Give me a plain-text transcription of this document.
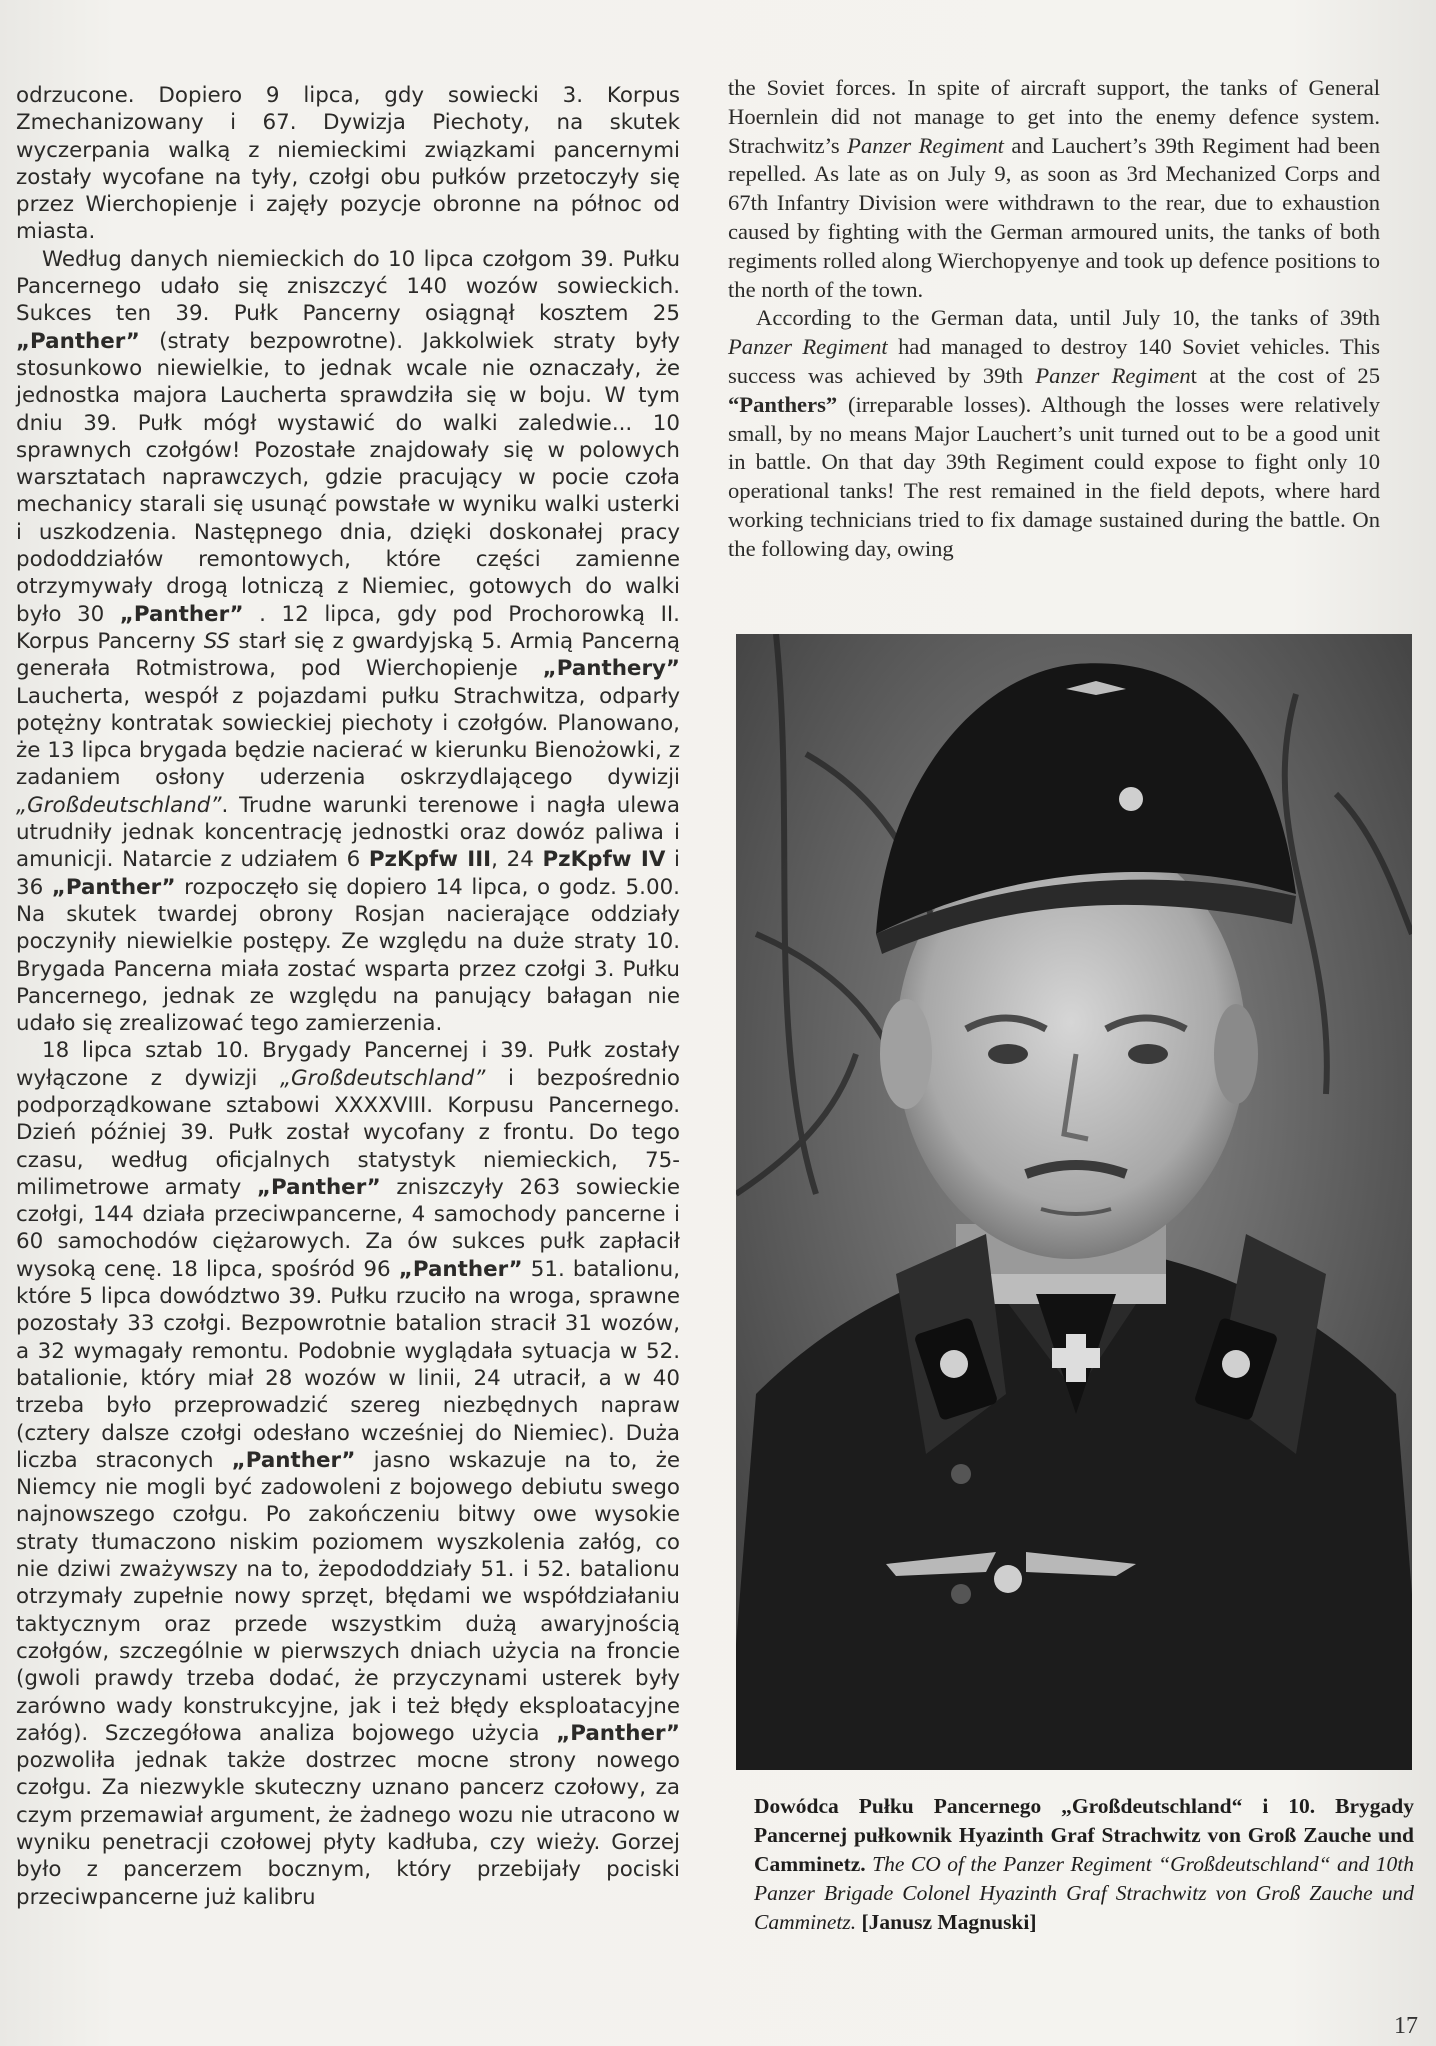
odrzucone. Dopiero 9 lipca, gdy sowiecki 3. Korpus Zmechanizowany i 67. Dywizja Piechoty, na skutek wyczerpania walką z niemieckimi związkami pancernymi zostały wycofane na tyły, czołgi obu pułków przetoczyły się przez Wierchopienje i zajęły pozycje obronne na północ od miasta.

Według danych niemieckich do 10 lipca czołgom 39. Pułku Pancernego udało się zniszczyć 140 wozów sowieckich. Sukces ten 39. Pułk Pancerny osiągnął kosztem 25 „Panther” (straty bezpowrotne). Jakkolwiek straty były stosunkowo niewielkie, to jednak wcale nie oznaczały, że jednostka majora Laucherta sprawdziła się w boju. W tym dniu 39. Pułk mógł wystawić do walki zaledwie... 10 sprawnych czołgów! Pozostałe znajdowały się w polowych warsztatach naprawczych, gdzie pracujący w pocie czoła mechanicy starali się usunąć powstałe w wyniku walki usterki i uszkodzenia. Następnego dnia, dzięki doskonałej pracy pododdziałów remontowych, które części zamienne otrzymywały drogą lotniczą z Niemiec, gotowych do walki było 30 „Panther” . 12 lipca, gdy pod Prochorowką II. Korpus Pancerny SS starł się z gwardyjską 5. Armią Pancerną generała Rotmistrowa, pod Wierchopienje „Panthery” Laucherta, wespół z pojazdami pułku Strachwitza, odparły potężny kontratak sowieckiej piechoty i czołgów. Planowano, że 13 lipca brygada będzie nacierać w kierunku Bienożowki, z zadaniem osłony uderzenia oskrzydlającego dywizji „Großdeutschland”. Trudne warunki terenowe i nagła ulewa utrudniły jednak koncentrację jednostki oraz dowóz paliwa i amunicji. Natarcie z udziałem 6 PzKpfw III, 24 PzKpfw IV i 36 „Panther” rozpoczęło się dopiero 14 lipca, o godz. 5.00. Na skutek twardej obrony Rosjan nacierające oddziały poczyniły niewielkie postępy. Ze względu na duże straty 10. Brygada Pancerna miała zostać wsparta przez czołgi 3. Pułku Pancernego, jednak ze względu na panujący bałagan nie udało się zrealizować tego zamierzenia.

18 lipca sztab 10. Brygady Pancernej i 39. Pułk zostały wyłączone z dywizji „Großdeutschland” i bezpośrednio podporządkowane sztabowi XXXXVIII. Korpusu Pancernego. Dzień później 39. Pułk został wycofany z frontu. Do tego czasu, według oficjalnych statystyk niemieckich, 75-milimetrowe armaty „Panther” zniszczyły 263 sowieckie czołgi, 144 działa przeciwpancerne, 4 samochody pancerne i 60 samochodów ciężarowych. Za ów sukces pułk zapłacił wysoką cenę. 18 lipca, spośród 96 „Panther” 51. batalionu, które 5 lipca dowództwo 39. Pułku rzuciło na wroga, sprawne pozostały 33 czołgi. Bezpowrotnie batalion stracił 31 wozów, a 32 wymagały remontu. Podobnie wyglądała sytuacja w 52. batalionie, który miał 28 wozów w linii, 24 utracił, a w 40 trzeba było przeprowadzić szereg niezbędnych napraw (cztery dalsze czołgi odesłano wcześniej do Niemiec). Duża liczba straconych „Panther” jasno wskazuje na to, że Niemcy nie mogli być zadowoleni z bojowego debiutu swego najnowszego czołgu. Po zakończeniu bitwy owe wysokie straty tłumaczono niskim poziomem wyszkolenia załóg, co nie dziwi zważywszy na to, żepododdziały 51. i 52. batalionu otrzymały zupełnie nowy sprzęt, błędami we współdziałaniu taktycznym oraz przede wszystkim dużą awaryjnością czołgów, szczególnie w pierwszych dniach użycia na froncie (gwoli prawdy trzeba dodać, że przyczynami usterek były zarówno wady konstrukcyjne, jak i też błędy eksploatacyjne załóg). Szczegółowa analiza bojowego użycia „Panther” pozwoliła jednak także dostrzec mocne strony nowego czołgu. Za niezwykle skuteczny uznano pancerz czołowy, za czym przemawiał argument, że żadnego wozu nie utracono w wyniku penetracji czołowej płyty kadłuba, czy wieży. Gorzej było z pancerzem bocznym, który przebijały pociski przeciwpancerne już kalibru

the Soviet forces. In spite of aircraft support, the tanks of General Hoernlein did not manage to get into the enemy defence system. Strachwitz’s Panzer Regiment and Lauchert’s 39th Regiment had been repelled. As late as on July 9, as soon as 3rd Mechanized Corps and 67th Infantry Division were withdrawn to the rear, due to exhaustion caused by fighting with the German armoured units, the tanks of both regiments rolled along Wierchopyenye and took up defence positions to the north of the town.

According to the German data, until July 10, the tanks of 39th Panzer Regiment had managed to destroy 140 Soviet vehicles. This success was achieved by 39th Panzer Regiment at the cost of 25 “Panthers” (irreparable losses). Although the losses were relatively small, by no means Major Lauchert’s unit turned out to be a good unit in battle. On that day 39th Regiment could expose to fight only 10 operational tanks! The rest remained in the field depots, where hard working technicians tried to fix damage sustained during the battle. On the following day, owing

Dowódca Pułku Pancernego „Großdeutschland“ i 10. Brygady Pancernej pułkownik Hyazinth Graf Strachwitz von Groß Zauche und Camminetz. The CO of the Panzer Regiment “Großdeutschland“ and 10th Panzer Brigade Colonel Hyazinth Graf Strachwitz von Groß Zauche und Camminetz. [Janusz Magnuski]
17
